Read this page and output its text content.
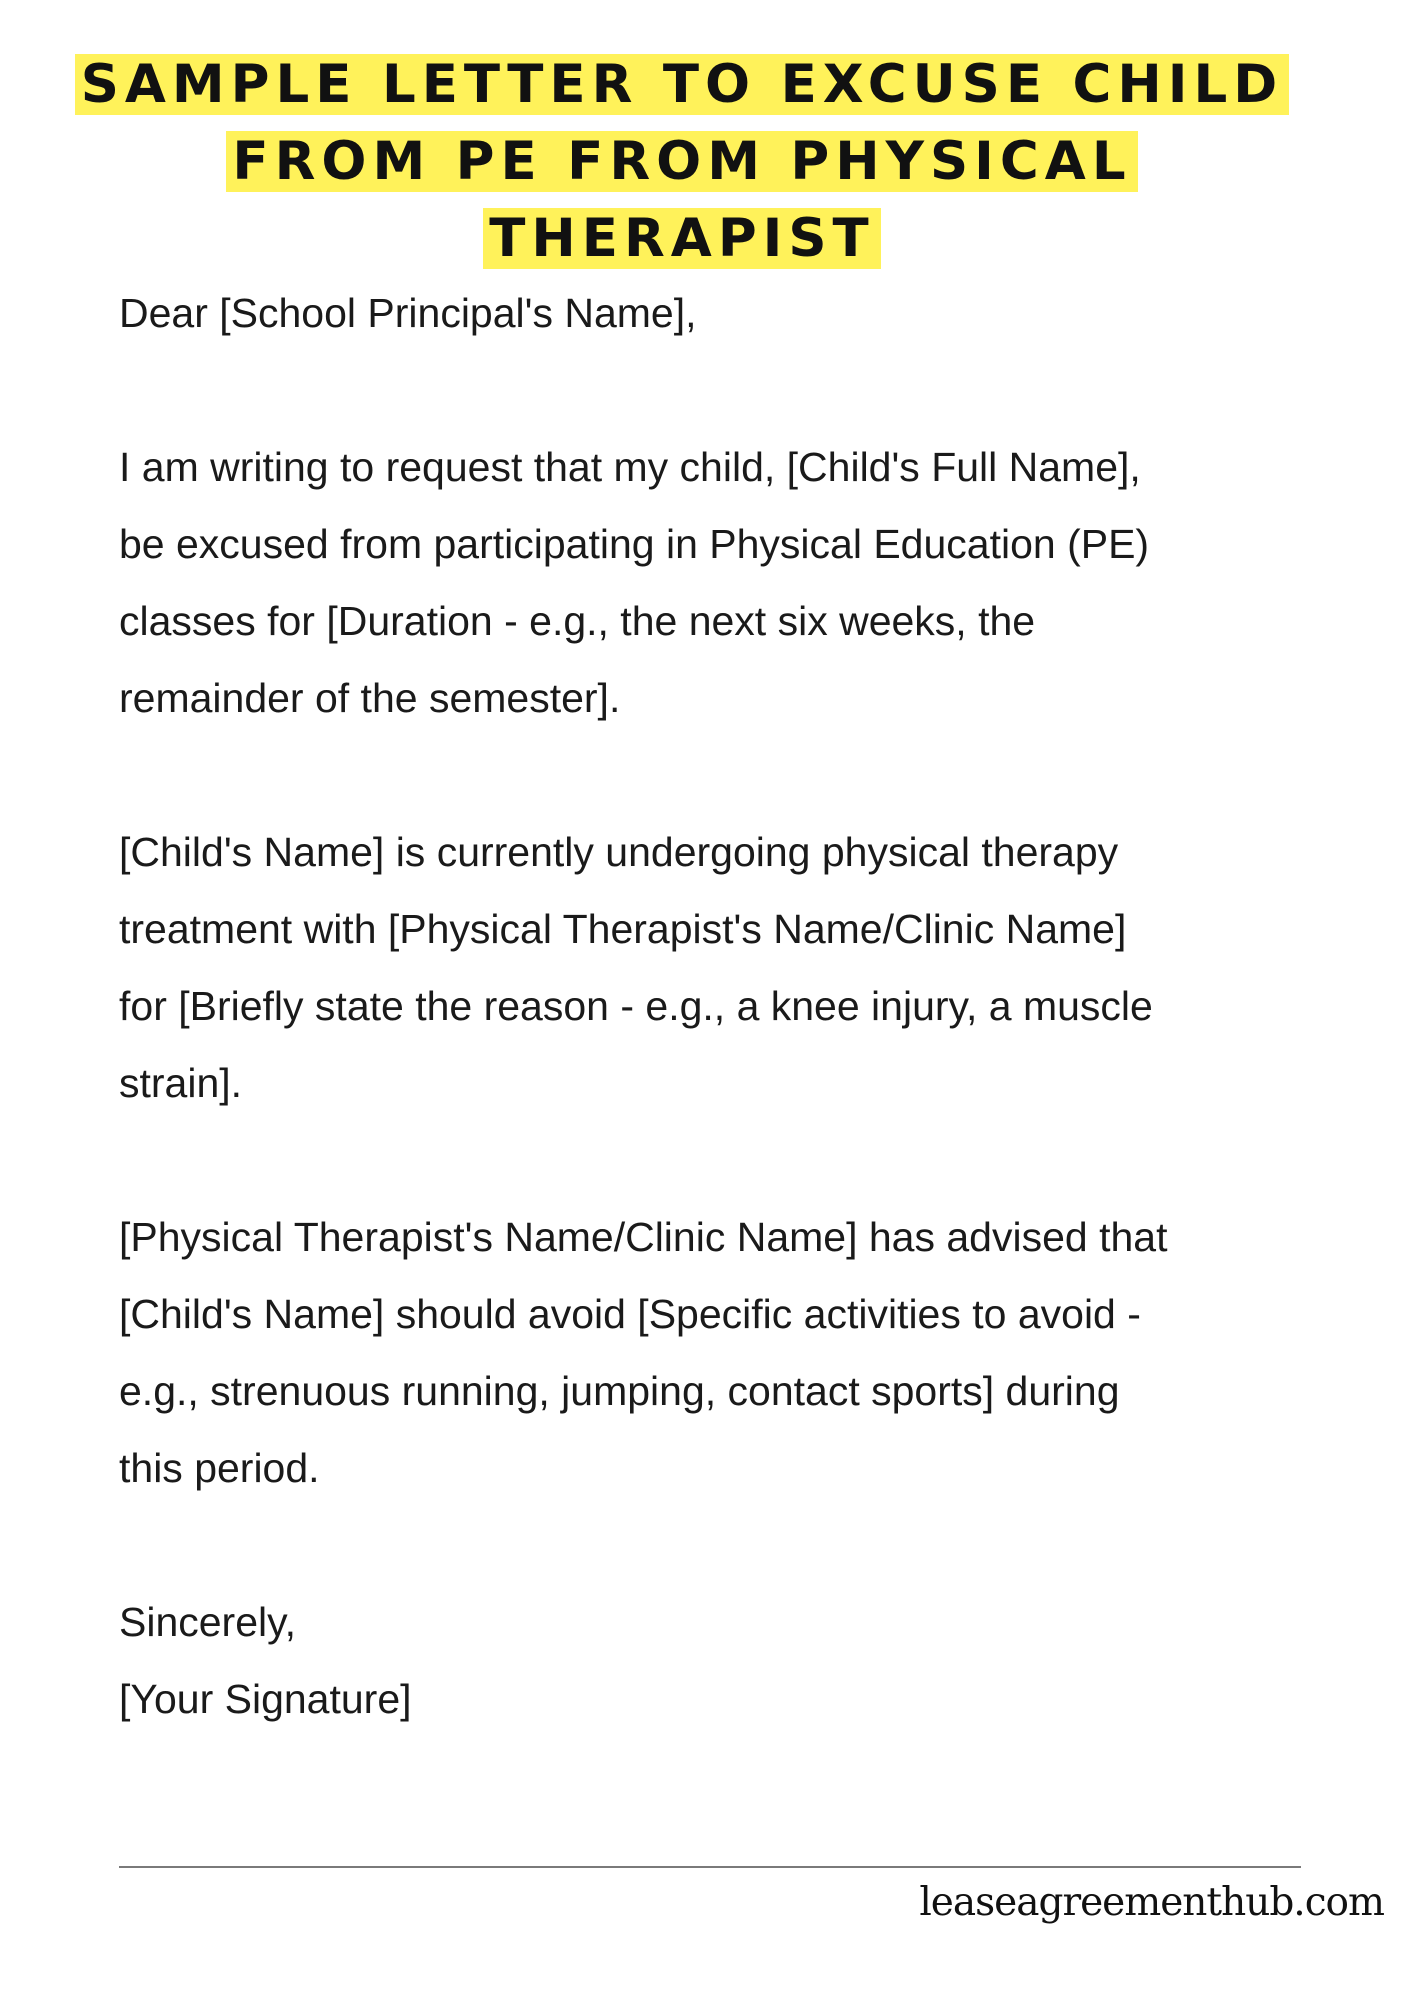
SAMPLE LETTER TO EXCUSE CHILD
FROM PE FROM PHYSICAL
THERAPIST

Dear [School Principal's Name],

I am writing to request that my child, [Child's Full Name],
be excused from participating in Physical Education (PE)
classes for [Duration - e.g., the next six weeks, the
remainder of the semester].

[Child's Name] is currently undergoing physical therapy
treatment with [Physical Therapist's Name/Clinic Name]
for [Briefly state the reason - e.g., a knee injury, a muscle
strain].

[Physical Therapist's Name/Clinic Name] has advised that
[Child's Name] should avoid [Specific activities to avoid -
e.g., strenuous running, jumping, contact sports] during
this period.

Sincerely,
[Your Signature]
leaseagreementhub.com
